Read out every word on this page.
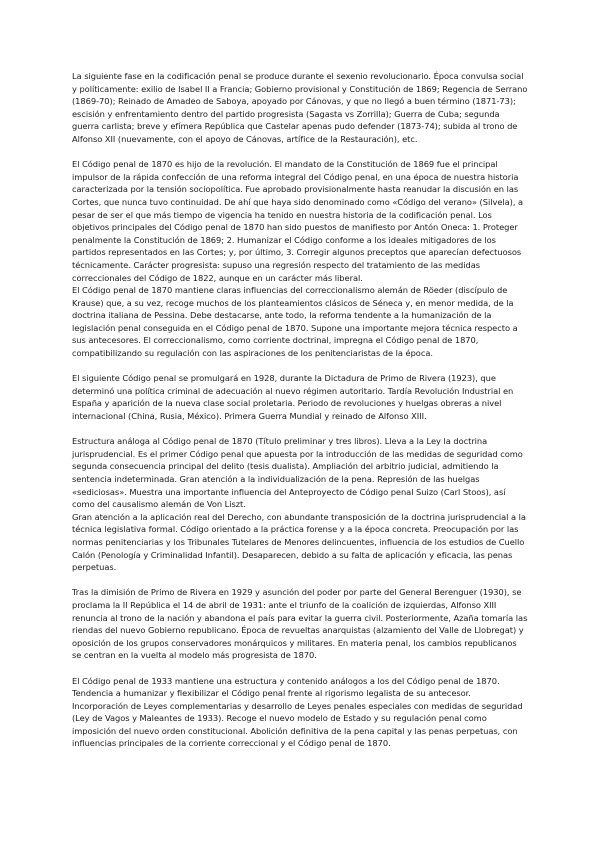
La siguiente fase en la codificación penal se produce durante el sexenio revolucionario. Época convulsa social y políticamente: exilio de Isabel II a Francia; Gobierno provisional y Constitución de 1869; Regencia de Serrano (1869-70); Reinado de Amadeo de Saboya, apoyado por Cánovas, y que no llegó a buen término (1871-73); escisión y enfrentamiento dentro del partido progresista (Sagasta vs Zorrilla); Guerra de Cuba; segunda guerra carlista; breve y efímera República que Castelar apenas pudo defender (1873-74); subida al trono de Alfonso XII (nuevamente, con el apoyo de Cánovas, artífice de la Restauración), etc.

El Código penal de 1870 es hijo de la revolución. El mandato de la Constitución de 1869 fue el principal impulsor de la rápida confección de una reforma integral del Código penal, en una época de nuestra historia caracterizada por la tensión sociopolítica. Fue aprobado provisionalmente hasta reanudar la discusión en las Cortes, que nunca tuvo continuidad. De ahí que haya sido denominado como «Código del verano» (Silvela), a pesar de ser el que más tiempo de vigencia ha tenido en nuestra historia de la codificación penal. Los objetivos principales del Código penal de 1870 han sido puestos de manifiesto por Antón Oneca: 1. Proteger penalmente la Constitución de 1869; 2. Humanizar el Código conforme a los ideales mitigadores de los partidos representados en las Cortes; y, por último, 3. Corregir algunos preceptos que aparecían defectuosos técnicamente. Carácter progresista: supuso una regresión respecto del tratamiento de las medidas correccionales del Código de 1822, aunque en un carácter más liberal.

El Código penal de 1870 mantiene claras influencias del correccionalismo alemán de Röeder (discípulo de Krause) que, a su vez, recoge muchos de los planteamientos clásicos de Séneca y, en menor medida, de la doctrina italiana de Pessina. Debe destacarse, ante todo, la reforma tendente a la humanización de la legislación penal conseguida en el Código penal de 1870. Supone una importante mejora técnica respecto a sus antecesores. El correccionalismo, como corriente doctrinal, impregna el Código penal de 1870, compatibilizando su regulación con las aspiraciones de los penitenciaristas de la época.

El siguiente Código penal se promulgará en 1928, durante la Dictadura de Primo de Rivera (1923), que determinó una política criminal de adecuación al nuevo régimen autoritario. Tardía Revolución Industrial en España y aparición de la nueva clase social proletaria. Periodo de revoluciones y huelgas obreras a nivel internacional (China, Rusia, México). Primera Guerra Mundial y reinado de Alfonso XIII.

Estructura análoga al Código penal de 1870 (Título preliminar y tres libros). Lleva a la Ley la doctrina jurisprudencial. Es el primer Código penal que apuesta por la introducción de las medidas de seguridad como segunda consecuencia principal del delito (tesis dualista). Ampliación del arbitrio judicial, admitiendo la sentencia indeterminada. Gran atención a la individualización de la pena. Represión de las huelgas «sediciosas». Muestra una importante influencia del Anteproyecto de Código penal Suizo (Carl Stoos), así como del causalismo alemán de Von Liszt.

Gran atención a la aplicación real del Derecho, con abundante transposición de la doctrina jurisprudencial a la técnica legislativa formal. Código orientado a la práctica forense y a la época concreta. Preocupación por las normas penitenciarias y los Tribunales Tutelares de Menores delincuentes, influencia de los estudios de Cuello Calón (Penología y Criminalidad Infantil). Desaparecen, debido a su falta de aplicación y eficacia, las penas perpetuas.

Tras la dimisión de Primo de Rivera en 1929 y asunción del poder por parte del General Berenguer (1930), se proclama la II República el 14 de abril de 1931: ante el triunfo de la coalición de izquierdas, Alfonso XIII renuncia al trono de la nación y abandona el país para evitar la guerra civil. Posteriormente, Azaña tomaría las riendas del nuevo Gobierno republicano. Época de revueltas anarquistas (alzamiento del Valle de Llobregat) y oposición de los grupos conservadores monárquicos y militares. En materia penal, los cambios republicanos se centran en la vuelta al modelo más progresista de 1870.

El Código penal de 1933 mantiene una estructura y contenido análogos a los del Código penal de 1870. Tendencia a humanizar y flexibilizar el Código penal frente al rigorismo legalista de su antecesor. Incorporación de Leyes complementarias y desarrollo de Leyes penales especiales con medidas de seguridad (Ley de Vagos y Maleantes de 1933). Recoge el nuevo modelo de Estado y su regulación penal como imposición del nuevo orden constitucional. Abolición definitiva de la pena capital y las penas perpetuas, con influencias principales de la corriente correccional y el Código penal de 1870.
